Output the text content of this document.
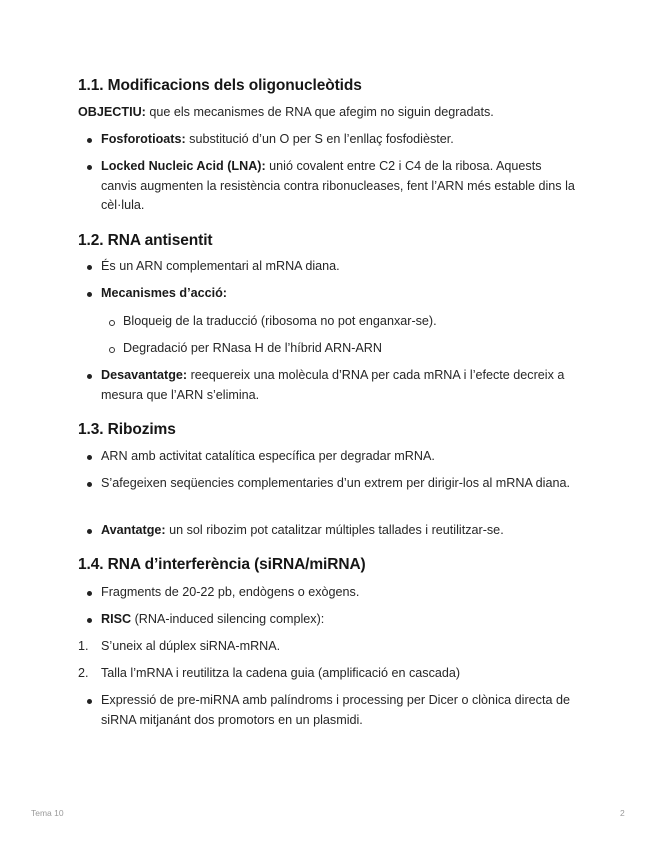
1.1. Modificacions dels oligonucleòtids

OBJECTIU: que els mecanismes de RNA que afegim no siguin degradats.

Fosforotioats: substitució d’un O per S en l’enllaç fosfodièster.
Locked Nucleic Acid (LNA): unió covalent entre C2 i C4 de la ribosa. Aquests canvis augmenten la resistència contra ribonucleases, fent l’ARN més estable dins la cèl·lula.
1.2. RNA antisentit
És un ARN complementari al mRNA diana.
Mecanismes d’acció:
Bloqueig de la traducció (ribosoma no pot enganxar-se).
Degradació per RNasa H de l’híbrid ARN-ARN
Desavantatge: reequereix una molècula d’RNA per cada mRNA i l’efecte decreix a mesura que l’ARN s’elimina.
1.3. Ribozims
ARN amb activitat catalítica específica per degradar mRNA.
S’afegeixen seqüencies complementaries d’un extrem per dirigir-los al mRNA diana.
Avantatge: un sol ribozim pot catalitzar múltiples tallades i reutilitzar-se.
1.4. RNA d’interferència (siRNA/miRNA)
Fragments de 20-22 pb, endògens o exògens.
RISC (RNA-induced silencing complex):
1. S’uneix al dúplex siRNA-mRNA.
2. Talla l’mRNA i reutilitza la cadena guia (amplificació en cascada)
Expressió de pre-miRNA amb palíndroms i processing per Dicer o clònica directa de siRNA mitjanánt dos promotors en un plasmidi.
Tema 10	2
